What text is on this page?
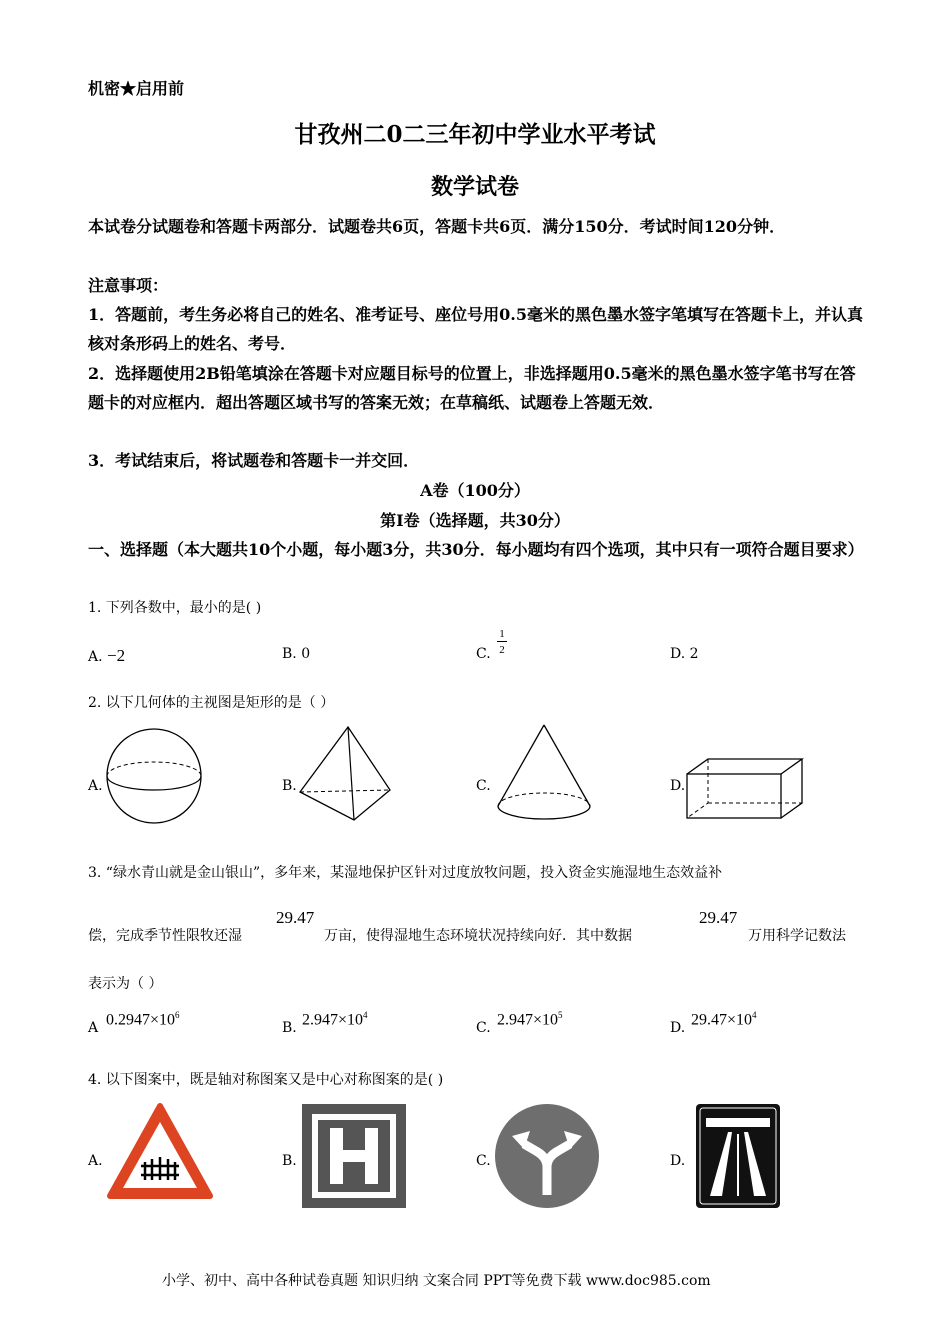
机密★启用前
甘孜州二0二三年初中学业水平考试
数学试卷
本试卷分试题卷和答题卡两部分．试题卷共6页，答题卡共6页．满分150分．考试时间120分钟．
注意事项：
1．答题前，考生务必将自己的姓名、准考证号、座位号用0.5毫米的黑色墨水签字笔填写在答题卡上，并认真核对条形码上的姓名、考号．
2．选择题使用2B铅笔填涂在答题卡对应题目标号的位置上，非选择题用0.5毫米的黑色墨水签字笔书写在答题卡的对应框内．超出答题区域书写的答案无效；在草稿纸、试题卷上答题无效．
3．考试结束后，将试题卷和答题卡一并交回．
A卷（100分）
第Ⅰ卷（选择题，共30分）
一、选择题（本大题共10个小题，每小题3分，共30分．每小题均有四个选项，其中只有一项符合题目要求）
1. 下列各数中，最小的是( )
A. −2	B. 0	C.
1
2	D. 2
2. 以下几何体的主视图是矩形的是（ ）
A.	B.	C.	D.
3. “绿水青山就是金山银山”，多年来，某湿地保护区针对过度放牧问题，投入资金实施湿地生态效益补
偿，完成季节性限牧还湿
29.47
万亩，使得湿地生态环境状况持续向好．其中数据
29.47
万用科学记数法
表示为（ ）
A $0.2947\times 10^6$
B. $2.947\times 10^4$
C. $2.947\times 10^5$
D. $29.47\times 10^4$
4. 以下图案中，既是轴对称图案又是中心对称图案的是( )
A.	B.	C.	D.
小学、初中、高中各种试卷真题 知识归纳 文案合同 PPT等免费下载 www.doc985.com
